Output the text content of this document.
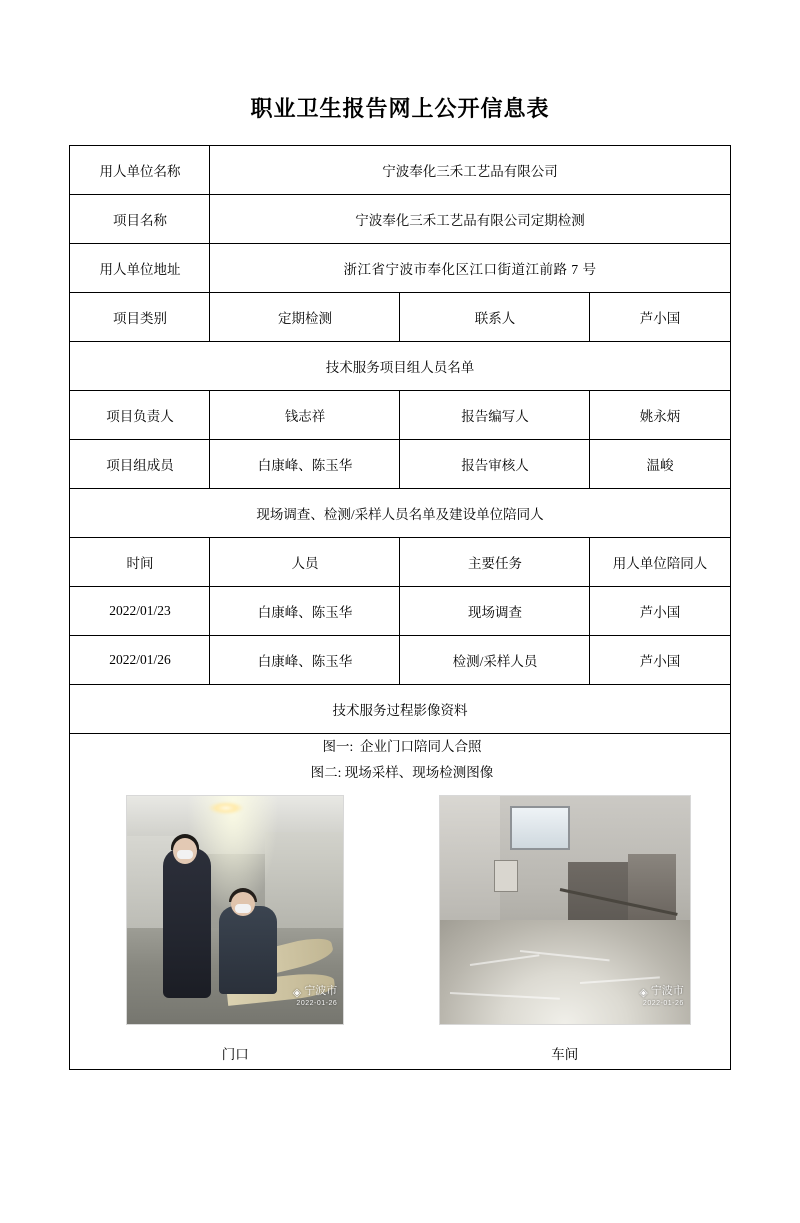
职业卫生报告网上公开信息表
用人单位名称	宁波奉化三禾工艺品有限公司		
项目名称	宁波奉化三禾工艺品有限公司定期检测		
用人单位地址	浙江省宁波市奉化区江口街道江前路 7 号		
项目类别	定期检测	联系人	芦小国
技术服务项目组人员名单			
项目负责人	钱志祥	报告编写人	姚永炳
项目组成员	白康峰、陈玉华	报告审核人	温峻
现场调查、检测/采样人员名单及建设单位陪同人			
时间	人员	主要任务	用人单位陪同人
2022/01/23	白康峰、陈玉华	现场调查	芦小国
2022/01/26	白康峰、陈玉华	检测/采样人员	芦小国
技术服务过程影像资料			

图一:  企业门口陪同人合照
图二: 现场采样、现场检测图像
◈ 宁波市
2022-01-26
门口
◈ 宁波市
2022-01-26
车间
